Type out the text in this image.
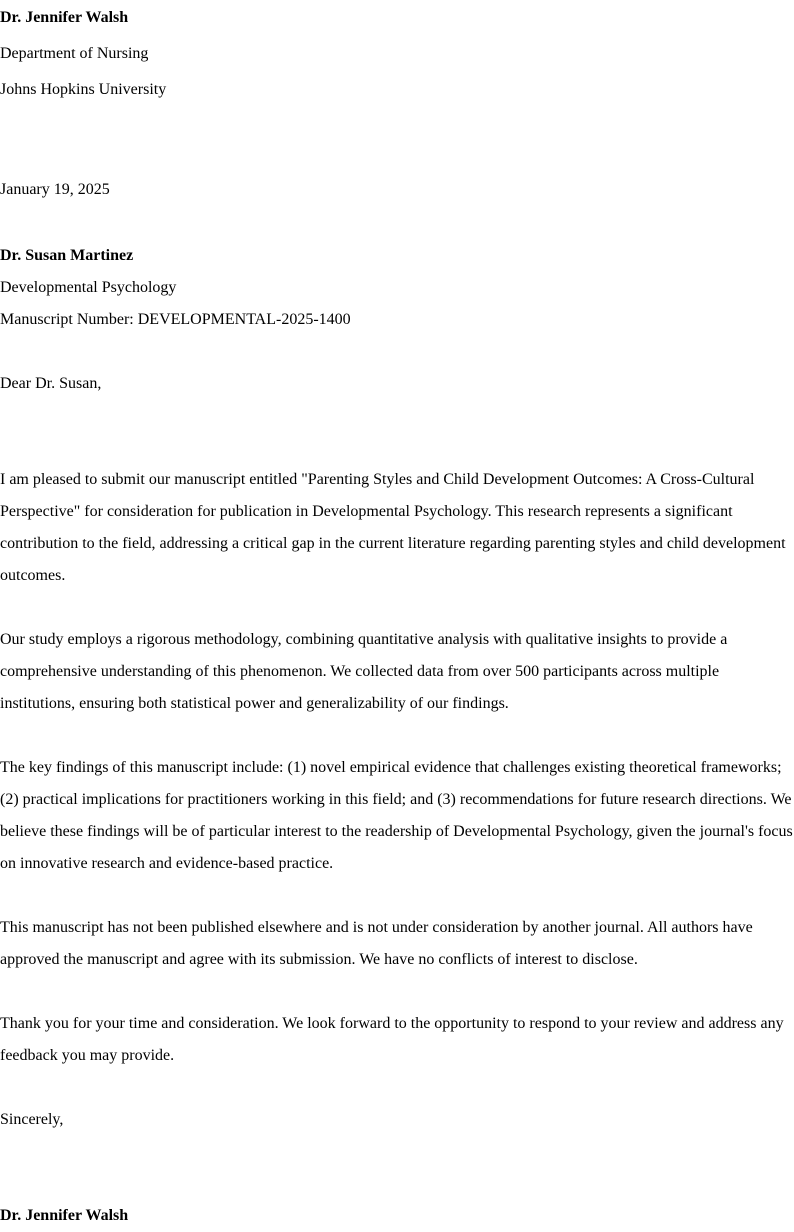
Dr. Jennifer Walsh

Department of Nursing

Johns Hopkins University

January 19, 2025

Dr. Susan Martinez

Developmental Psychology

Manuscript Number: DEVELOPMENTAL-2025-1400

Dear Dr. Susan,

I am pleased to submit our manuscript entitled "Parenting Styles and Child Development Outcomes: A Cross-Cultural Perspective" for consideration for publication in Developmental Psychology. This research represents a significant contribution to the field, addressing a critical gap in the current literature regarding parenting styles and child development outcomes.

Our study employs a rigorous methodology, combining quantitative analysis with qualitative insights to provide a comprehensive understanding of this phenomenon. We collected data from over 500 participants across multiple institutions, ensuring both statistical power and generalizability of our findings.

The key findings of this manuscript include: (1) novel empirical evidence that challenges existing theoretical frameworks; (2) practical implications for practitioners working in this field; and (3) recommendations for future research directions. We believe these findings will be of particular interest to the readership of Developmental Psychology, given the journal's focus on innovative research and evidence-based practice.

This manuscript has not been published elsewhere and is not under consideration by another journal. All authors have approved the manuscript and agree with its submission. We have no conflicts of interest to disclose.

Thank you for your time and consideration. We look forward to the opportunity to respond to your review and address any feedback you may provide.

Sincerely,

Dr. Jennifer Walsh
